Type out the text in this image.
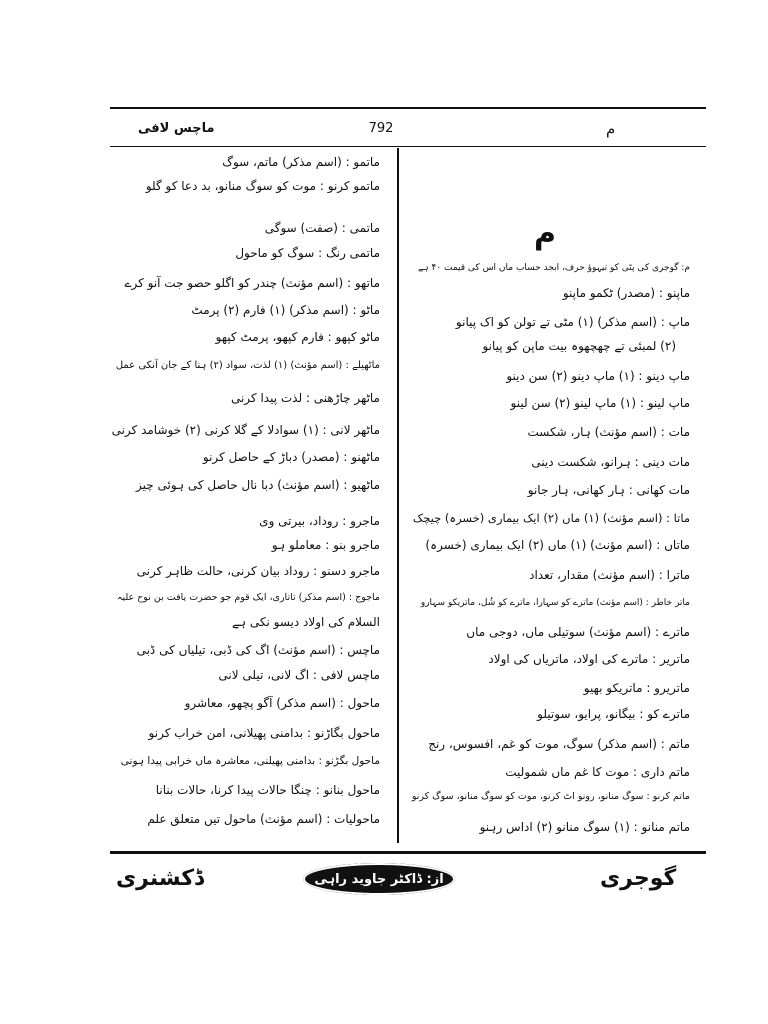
ماچس لافی	792	م
م
م: گوجری کی پٹی کو تیہوؤ حرف، ابجد حساب ماں اس کی قیمت ۴۰ ہے
ماپنو : (مصدر) ٹکمو ماپنو
ماپ : (اسم مذکر) (۱) مٹی تے تولن کو اک پیانو
(۲) لمبئی تے چھچھوہ بیت ماپن کو پیانو
ماپ دینو : (۱) ماپ دینو (۲) سن دینو
ماپ لینو : (۱) ماپ لینو (۲) سن لینو
مات : (اسم مؤنث) ہار، شکست
مات دینی : ہرانو، شکست دینی
مات کھانی : ہار کھانی، ہار جانو
ماتا : (اسم مؤنث) (۱) ماں (۲) ایک بیماری (خسرہ) چیچک
ماتاں : (اسم مؤنث) (۱) ماں (۲) ایک بیماری (خسرہ)
ماترا : (اسم مؤنث) مقدار، تعداد
ماتر خاطر : (اسم مؤنث) ماترے کو سہارا، ماترے کو شُل، ماتریکو سہارو
ماترے : (اسم مؤنث) سوتیلی ماں، دوجی ماں
ماتریر : ماترے کی اولاد، ماتریاں کی اولاد
ماتریرو : ماتریکو بھیو
ماترے کو : بیگانو، پرایو، سوتیلو
ماتم : (اسم مذکر) سوگ، موت کو غم، افسوس، رنج
ماتم داری : موت کا غم ماں شمولیت
ماتم کرنو : سوگ منانو، رونو اٹ کرنو، موت کو سوگ منانو، سوگ کرنو
ماتم منانو : (۱) سوگ منانو (۲) اداس رہنو
ماتمو : (اسم مذکر) ماتم، سوگ
ماتمو کرنو : موت کو سوگ منانو، بد دعا کو گلو
ماتمی : (صفت) سوگی
ماتمی رنگ : سوگ کو ماحول
ماتھو : (اسم مؤنث) چندر کو اگلو حصو جت آنو کرے
ماٹو : (اسم مذکر) (۱) فارم (۲) پرمٹ
ماٹو کپھو : فارم کپھو، پرمٹ کپھو
ماٹھیلے : (اسم مؤنث) (۱) لذت، سواد (۲) ہنا کے جان آنکی عمل
ماٹھر چاڑھنی : لذت پیدا کرنی
ماٹھر لانی : (۱) سوادلا کے گلا کرنی (۲) خوشامد کرنی
ماٹھنو : (مصدر) دباڑ کے حاصل کرنو
ماٹھیو : (اسم مؤنث) دبا نال حاصل کی ہوئی چیز
ماجرو : روداد، بیرتی وی
ماجرو بنو : معاملو ہو
ماجرو دسنو : روداد بیان کرنی، حالت ظاہر کرنی
ماجوج : (اسم مذکر) تاتاری، ایک قوم جو حضرت یافت بن نوح علیہ
السلام کی اولاد دیسو نکی ہے
ماچس : (اسم مؤنث) اگ کی ڈبی، تیلیاں کی ڈبی
ماچس لافی : اگ لانی، تیلی لانی
ماحول : (اسم مذکر) آگو پچھو، معاشرو
ماحول بگاڑنو : بدامنی پھیلانی، امن خراب کرنو
ماحول بگڑنو : بدامنی پھیلنی، معاشرہ ماں خرابی پیدا ہونی
ماحول بنانو : چنگا حالات پیدا کرنا، حالات بنانا
ماحولیات : (اسم مؤنث) ماحول تیں متعلق علم
ڈکشنری	از: ڈاکٹر جاوید راہی	گوجری
